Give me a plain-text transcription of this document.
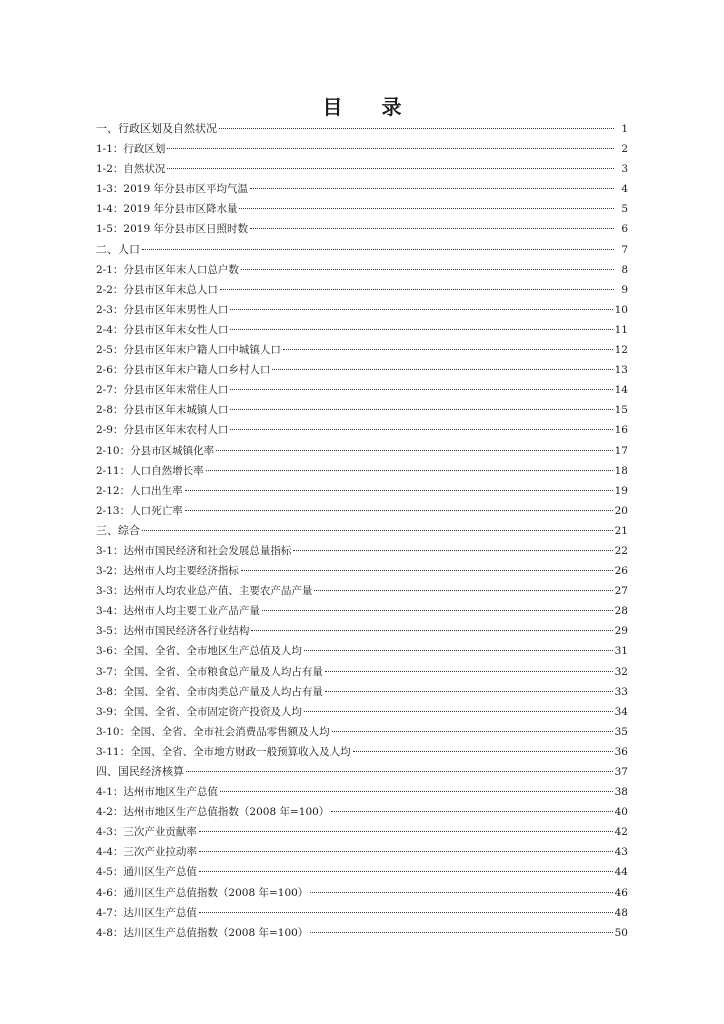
目 录
一、行政区划及自然状况	1
1-1：行政区划	2
1-2：自然状况	3
1-3：2019 年分县市区平均气温	4
1-4：2019 年分县市区降水量	5
1-5：2019 年分县市区日照时数	6
二、人口	7
2-1：分县市区年末人口总户数	8
2-2：分县市区年末总人口	9
2-3：分县市区年末男性人口	10
2-4：分县市区年末女性人口	11
2-5：分县市区年末户籍人口中城镇人口	12
2-6：分县市区年末户籍人口乡村人口	13
2-7：分县市区年末常住人口	14
2-8：分县市区年末城镇人口	15
2-9：分县市区年末农村人口	16
2-10：分县市区城镇化率	17
2-11：人口自然增长率	18
2-12：人口出生率	19
2-13：人口死亡率	20
三、综合	21
3-1：达州市国民经济和社会发展总量指标	22
3-2：达州市人均主要经济指标	26
3-3：达州市人均农业总产值、主要农产品产量	27
3-4：达州市人均主要工业产品产量	28
3-5：达州市国民经济各行业结构	29
3-6：全国、全省、全市地区生产总值及人均	31
3-7：全国、全省、全市粮食总产量及人均占有量	32
3-8：全国、全省、全市肉类总产量及人均占有量	33
3-9：全国、全省、全市固定资产投资及人均	34
3-10：全国、全省、全市社会消费品零售额及人均	35
3-11：全国、全省、全市地方财政一般预算收入及人均	36
四、国民经济核算	37
4-1：达州市地区生产总值	38
4-2：达州市地区生产总值指数（2008 年=100）	40
4-3：三次产业贡献率	42
4-4：三次产业拉动率	43
4-5：通川区生产总值	44
4-6：通川区生产总值指数（2008 年=100）	46
4-7：达川区生产总值	48
4-8：达川区生产总值指数（2008 年=100）	50
